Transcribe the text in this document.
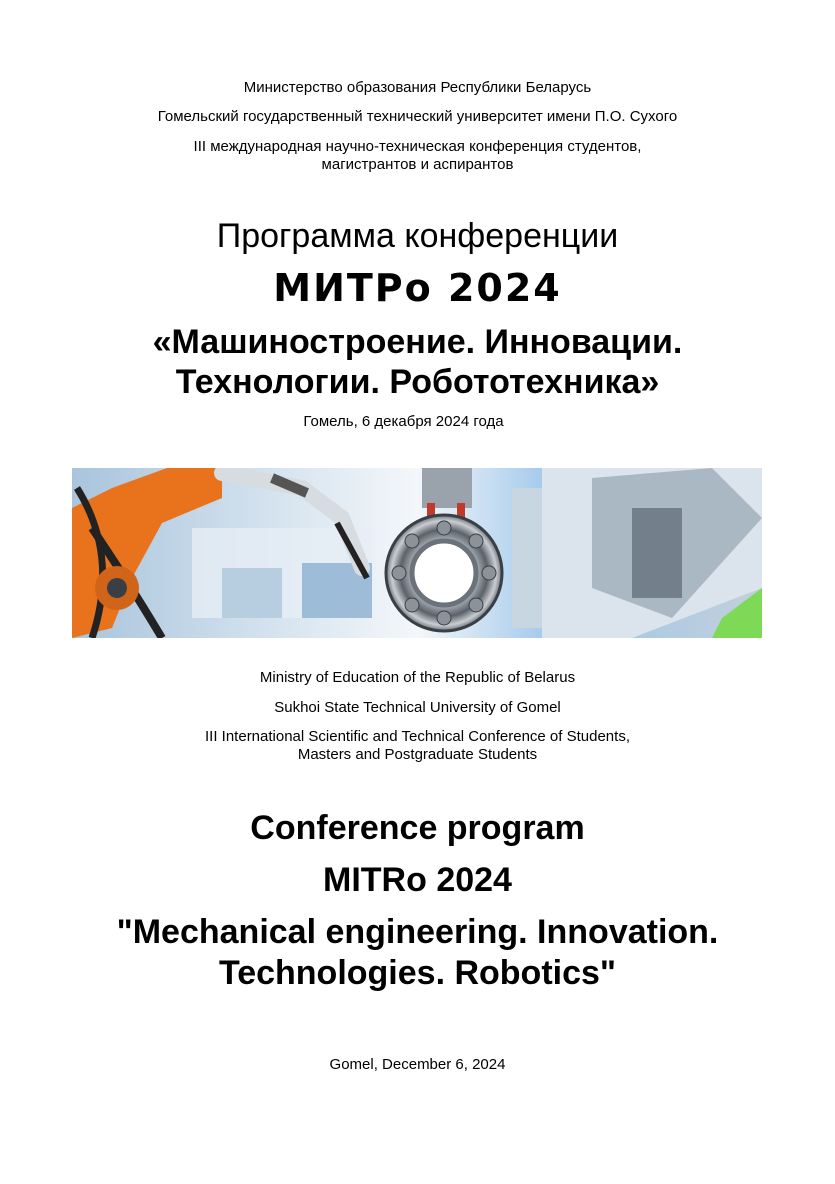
Министерство образования Республики Беларусь

Гомельский государственный технический университет имени П.О. Сухого

III международная научно-техническая конференция студентов,

магистрантов и аспирантов

Программа конференции
МИТРо 2024
«Машиностроение. Инновации.
Технологии. Робототехника»

Гомель, 6 декабря 2024 года

Ministry of Education of the Republic of Belarus

Sukhoi State Technical University of Gomel

III International Scientific and Technical Conference of Students,

Masters and Postgraduate Students

Conference program
MITRo 2024
"Mechanical engineering. Innovation.
Technologies. Robotics"

Gomel, December 6, 2024
